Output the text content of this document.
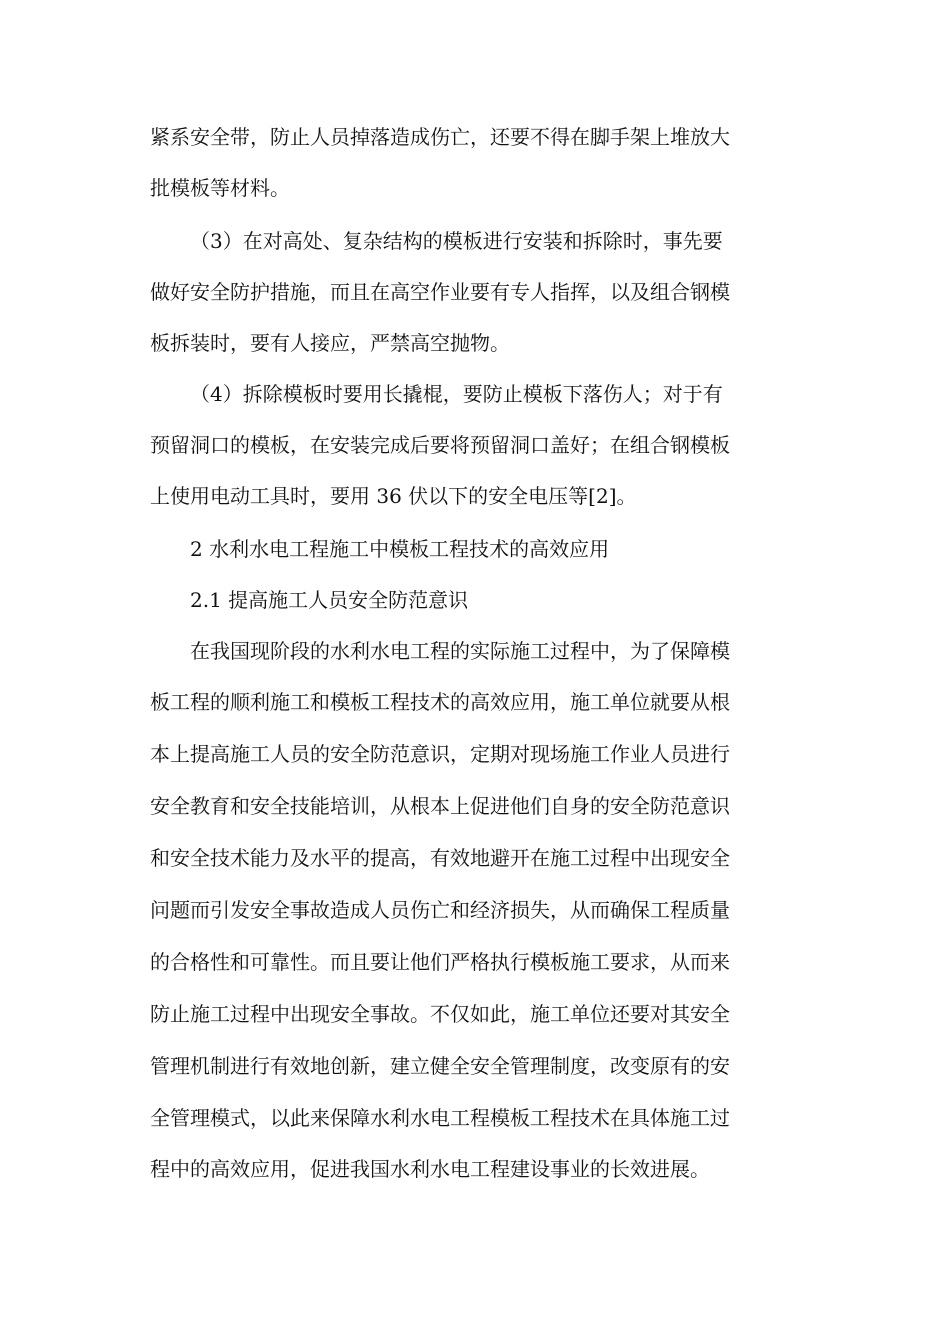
紧系安全带，防止人员掉落造成伤亡，还要不得在脚手架上堆放大
批模板等材料。
（3）在对高处、复杂结构的模板进行安装和拆除时，事先要
做好安全防护措施，而且在高空作业要有专人指挥，以及组合钢模
板拆装时，要有人接应，严禁高空抛物。
（4）拆除模板时要用长撬棍，要防止模板下落伤人；对于有
预留洞口的模板，在安装完成后要将预留洞口盖好；在组合钢模板
上使用电动工具时，要用 36 伏以下的安全电压等[2]。
2 水利水电工程施工中模板工程技术的高效应用
2.1 提高施工人员安全防范意识
在我国现阶段的水利水电工程的实际施工过程中，为了保障模
板工程的顺利施工和模板工程技术的高效应用，施工单位就要从根
本上提高施工人员的安全防范意识，定期对现场施工作业人员进行
安全教育和安全技能培训，从根本上促进他们自身的安全防范意识
和安全技术能力及水平的提高，有效地避开在施工过程中出现安全
问题而引发安全事故造成人员伤亡和经济损失，从而确保工程质量
的合格性和可靠性。而且要让他们严格执行模板施工要求，从而来
防止施工过程中出现安全事故。不仅如此，施工单位还要对其安全
管理机制进行有效地创新，建立健全安全管理制度，改变原有的安
全管理模式，以此来保障水利水电工程模板工程技术在具体施工过
程中的高效应用，促进我国水利水电工程建设事业的长效进展。
